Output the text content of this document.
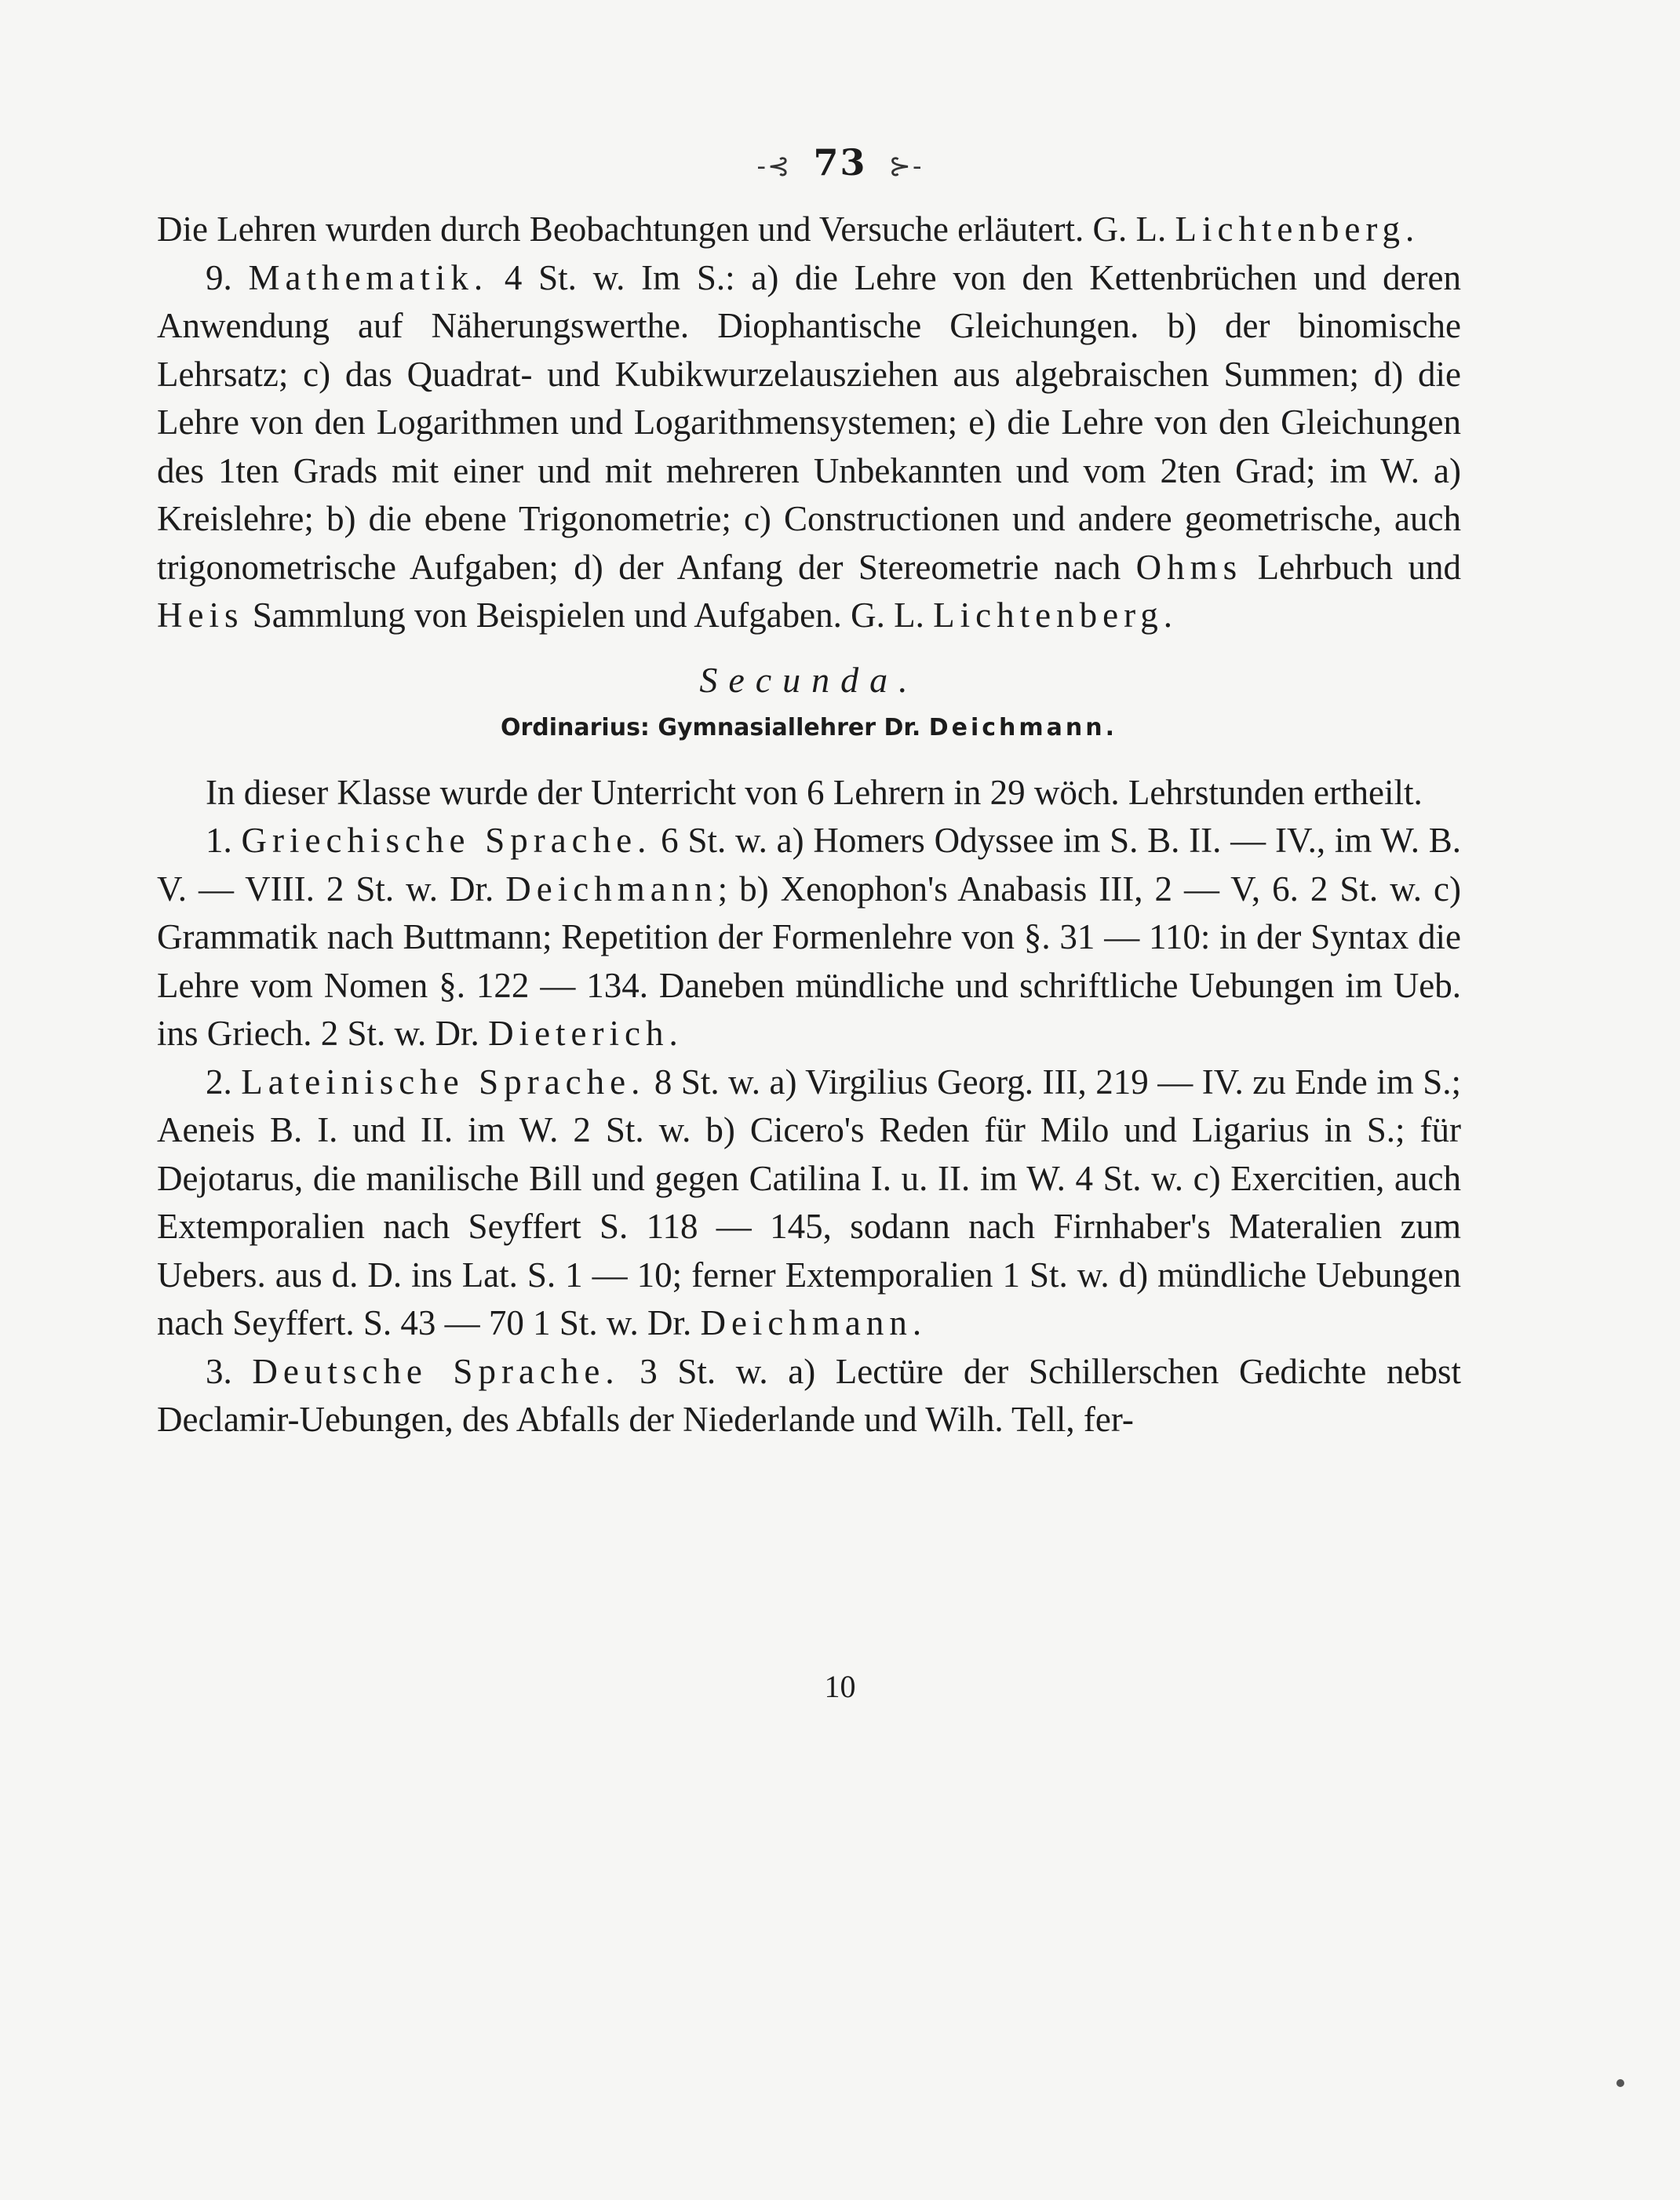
-⊰ 73 ⊱-

Die Lehren wurden durch Beobachtungen und Versuche erläutert. G. L. Lichtenberg.

9. Mathematik. 4 St. w. Im S.: a) die Lehre von den Kettenbrüchen und deren Anwendung auf Näherungswerthe. Diophantische Gleichungen. b) der binomische Lehrsatz; c) das Quadrat- und Kubikwurzelausziehen aus algebraischen Summen; d) die Lehre von den Logarithmen und Logarithmensystemen; e) die Lehre von den Gleichungen des 1ten Grads mit einer und mit mehreren Unbekannten und vom 2ten Grad; im W. a) Kreislehre; b) die ebene Trigonometrie; c) Constructionen und andere geometrische, auch trigonometrische Aufgaben; d) der Anfang der Stereometrie nach Ohms Lehrbuch und Heis Sammlung von Beispielen und Aufgaben. G. L. Lichtenberg.

Secunda.

Ordinarius: Gymnasiallehrer Dr. Deichmann.

In dieser Klasse wurde der Unterricht von 6 Lehrern in 29 wöch. Lehrstunden ertheilt.

1. Griechische Sprache. 6 St. w. a) Homers Odyssee im S. B. II. — IV., im W. B. V. — VIII. 2 St. w. Dr. Deichmann; b) Xenophon's Anabasis III, 2 — V, 6. 2 St. w. c) Grammatik nach Buttmann; Repetition der Formenlehre von §. 31 — 110: in der Syntax die Lehre vom Nomen §. 122 — 134. Daneben mündliche und schriftliche Uebungen im Ueb. ins Griech. 2 St. w. Dr. Dieterich.

2. Lateinische Sprache. 8 St. w. a) Virgilius Georg. III, 219 — IV. zu Ende im S.; Aeneis B. I. und II. im W. 2 St. w. b) Cicero's Reden für Milo und Ligarius in S.; für Dejotarus, die manilische Bill und gegen Catilina I. u. II. im W. 4 St. w. c) Exercitien, auch Extemporalien nach Seyffert S. 118 — 145, sodann nach Firnhaber's Materalien zum Uebers. aus d. D. ins Lat. S. 1 — 10; ferner Extemporalien 1 St. w. d) mündliche Uebungen nach Seyffert. S. 43 — 70 1 St. w. Dr. Deichmann.

3. Deutsche Sprache. 3 St. w. a) Lectüre der Schillerschen Gedichte nebst Declamir-Uebungen, des Abfalls der Niederlande und Wilh. Tell, fer-

10
